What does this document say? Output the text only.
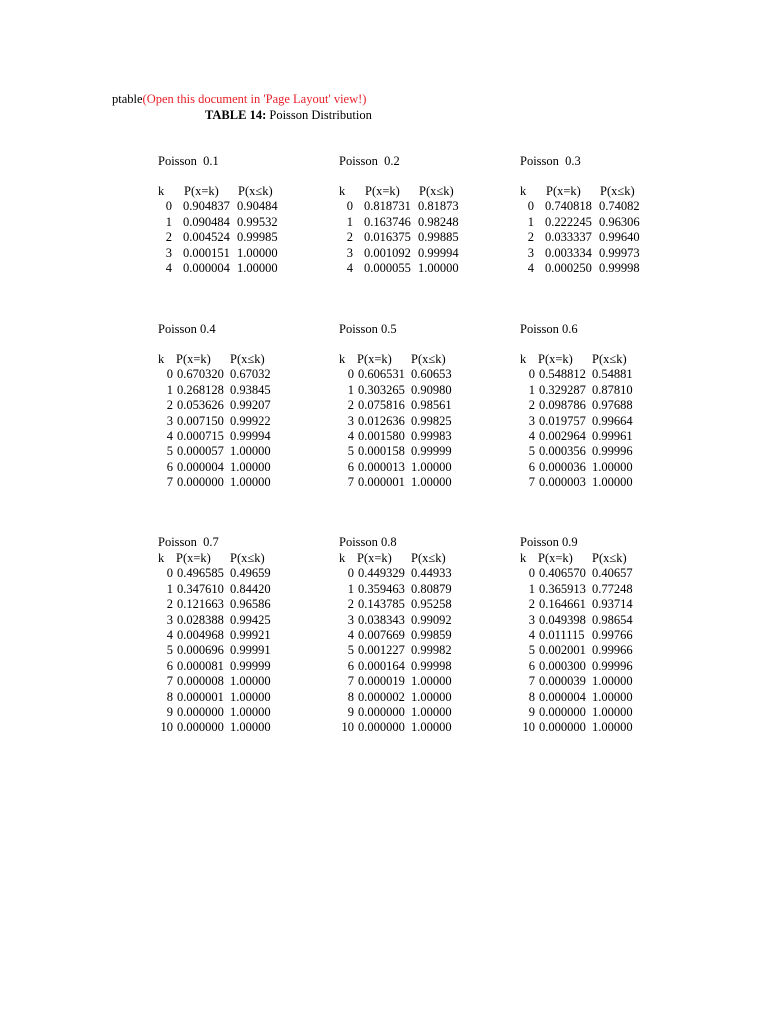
ptable(Open this document in 'Page Layout' view!)
TABLE 14: Poisson Distribution
Poisson  0.1
k P(x=k) P(x≤k)
0 0.904837 0.90484
1 0.090484 0.99532
2 0.004524 0.99985
3 0.000151 1.00000
4 0.000004 1.00000
Poisson  0.2
k P(x=k) P(x≤k)
0 0.818731 0.81873
1 0.163746 0.98248
2 0.016375 0.99885
3 0.001092 0.99994
4 0.000055 1.00000
Poisson  0.3
k P(x=k) P(x≤k)
0 0.740818 0.74082
1 0.222245 0.96306
2 0.033337 0.99640
3 0.003334 0.99973
4 0.000250 0.99998
Poisson 0.4
k P(x=k) P(x≤k)
0 0.670320 0.67032
1 0.268128 0.93845
2 0.053626 0.99207
3 0.007150 0.99922
4 0.000715 0.99994
5 0.000057 1.00000
6 0.000004 1.00000
7 0.000000 1.00000
Poisson 0.5
k P(x=k) P(x≤k)
0 0.606531 0.60653
1 0.303265 0.90980
2 0.075816 0.98561
3 0.012636 0.99825
4 0.001580 0.99983
5 0.000158 0.99999
6 0.000013 1.00000
7 0.000001 1.00000
Poisson 0.6
k P(x=k) P(x≤k)
0 0.548812 0.54881
1 0.329287 0.87810
2 0.098786 0.97688
3 0.019757 0.99664
4 0.002964 0.99961
5 0.000356 0.99996
6 0.000036 1.00000
7 0.000003 1.00000
Poisson  0.7
k P(x=k) P(x≤k)
0 0.496585 0.49659
1 0.347610 0.84420
2 0.121663 0.96586
3 0.028388 0.99425
4 0.004968 0.99921
5 0.000696 0.99991
6 0.000081 0.99999
7 0.000008 1.00000
8 0.000001 1.00000
9 0.000000 1.00000
10 0.000000 1.00000
Poisson 0.8
k P(x=k) P(x≤k)
0 0.449329 0.44933
1 0.359463 0.80879
2 0.143785 0.95258
3 0.038343 0.99092
4 0.007669 0.99859
5 0.001227 0.99982
6 0.000164 0.99998
7 0.000019 1.00000
8 0.000002 1.00000
9 0.000000 1.00000
10 0.000000 1.00000
Poisson 0.9
k P(x=k) P(x≤k)
0 0.406570 0.40657
1 0.365913 0.77248
2 0.164661 0.93714
3 0.049398 0.98654
4 0.011115 0.99766
5 0.002001 0.99966
6 0.000300 0.99996
7 0.000039 1.00000
8 0.000004 1.00000
9 0.000000 1.00000
10 0.000000 1.00000
